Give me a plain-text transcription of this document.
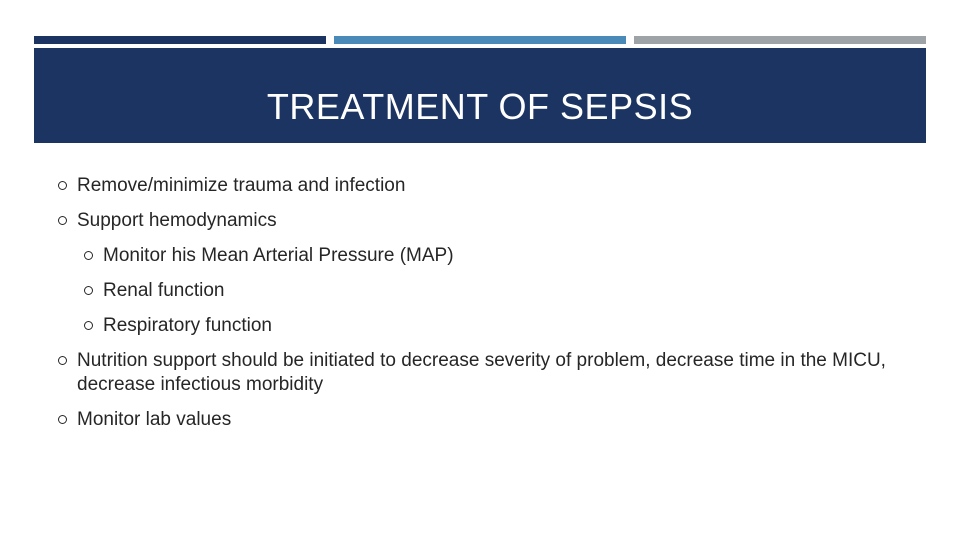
TREATMENT OF SEPSIS
Remove/minimize trauma and infection
Support hemodynamics
Monitor his Mean Arterial Pressure (MAP)
Renal function
Respiratory function
Nutrition support should be initiated to decrease severity of problem, decrease time in the MICU, decrease infectious morbidity
Monitor lab values
